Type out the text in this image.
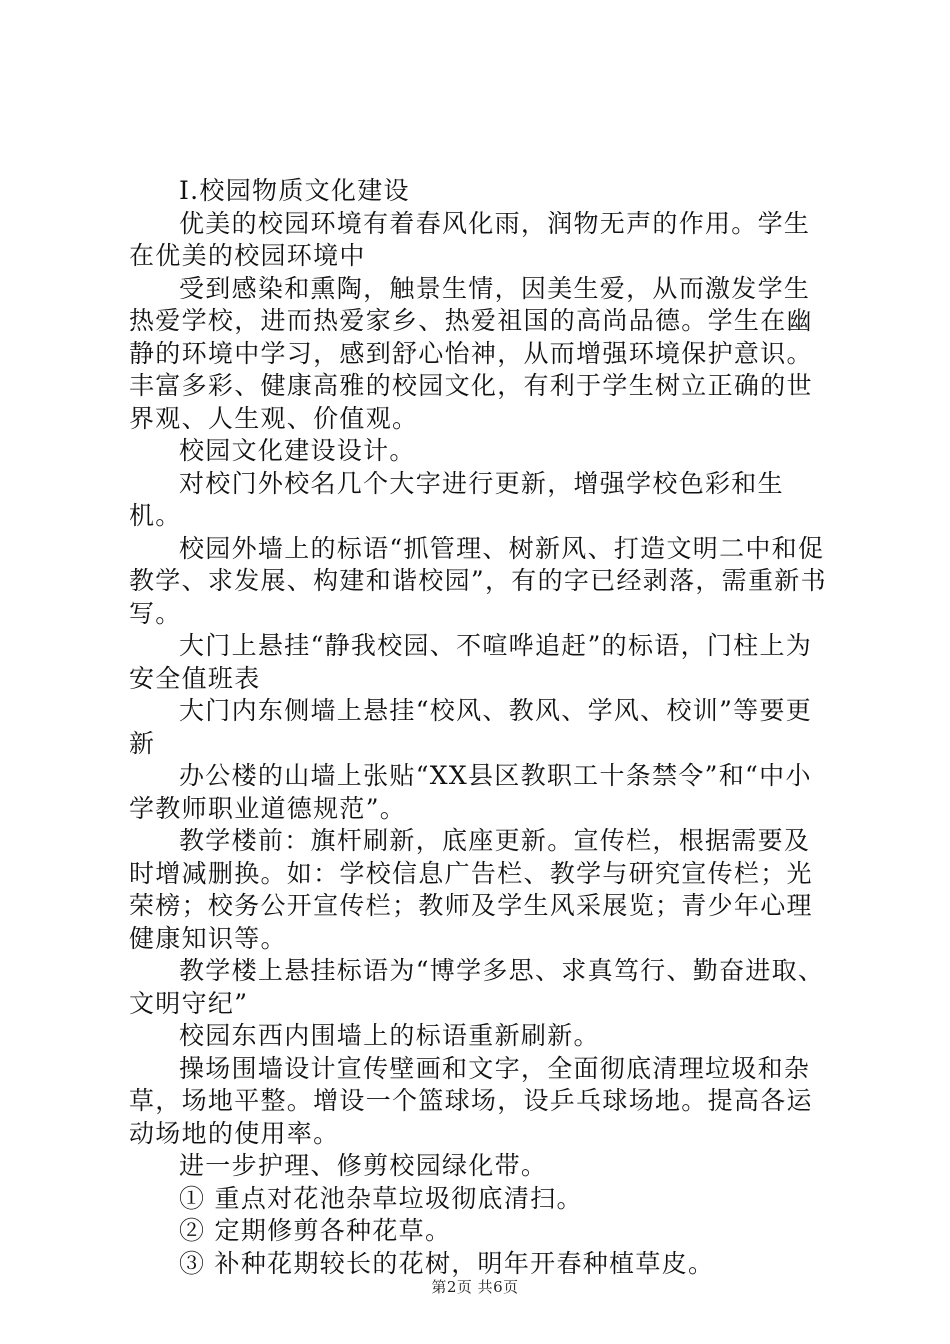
Ⅰ.校园物质文化建设

优美的校园环境有着春风化雨，润物无声的作用。学生在优美的校园环境中

受到感染和熏陶，触景生情，因美生爱，从而激发学生热爱学校，进而热爱家乡、热爱祖国的高尚品德。学生在幽静的环境中学习，感到舒心怡神，从而增强环境保护意识。丰富多彩、健康高雅的校园文化，有利于学生树立正确的世界观、人生观、价值观。

校园文化建设设计。

对校门外校名几个大字进行更新，增强学校色彩和生机。

校园外墙上的标语“抓管理、树新风、打造文明二中和促教学、求发展、构建和谐校园”，有的字已经剥落，需重新书写。

大门上悬挂“静我校园、不喧哗追赶”的标语，门柱上为安全值班表

大门内东侧墙上悬挂“校风、教风、学风、校训”等要更新

办公楼的山墙上张贴“XX县区教职工十条禁令”和“中小学教师职业道德规范”。

教学楼前：旗杆刷新，底座更新。宣传栏，根据需要及时增减删换。如：学校信息广告栏、教学与研究宣传栏；光荣榜；校务公开宣传栏；教师及学生风采展览；青少年心理健康知识等。

教学楼上悬挂标语为“博学多思、求真笃行、勤奋进取、文明守纪”

校园东西内围墙上的标语重新刷新。

操场围墙设计宣传壁画和文字，全面彻底清理垃圾和杂草，场地平整。增设一个篮球场，设乒乓球场地。提高各运动场地的使用率。

进一步护理、修剪校园绿化带。

① 重点对花池杂草垃圾彻底清扫。

② 定期修剪各种花草。

③ 补种花期较长的花树，明年开春种植草皮。

第2页 共6页
